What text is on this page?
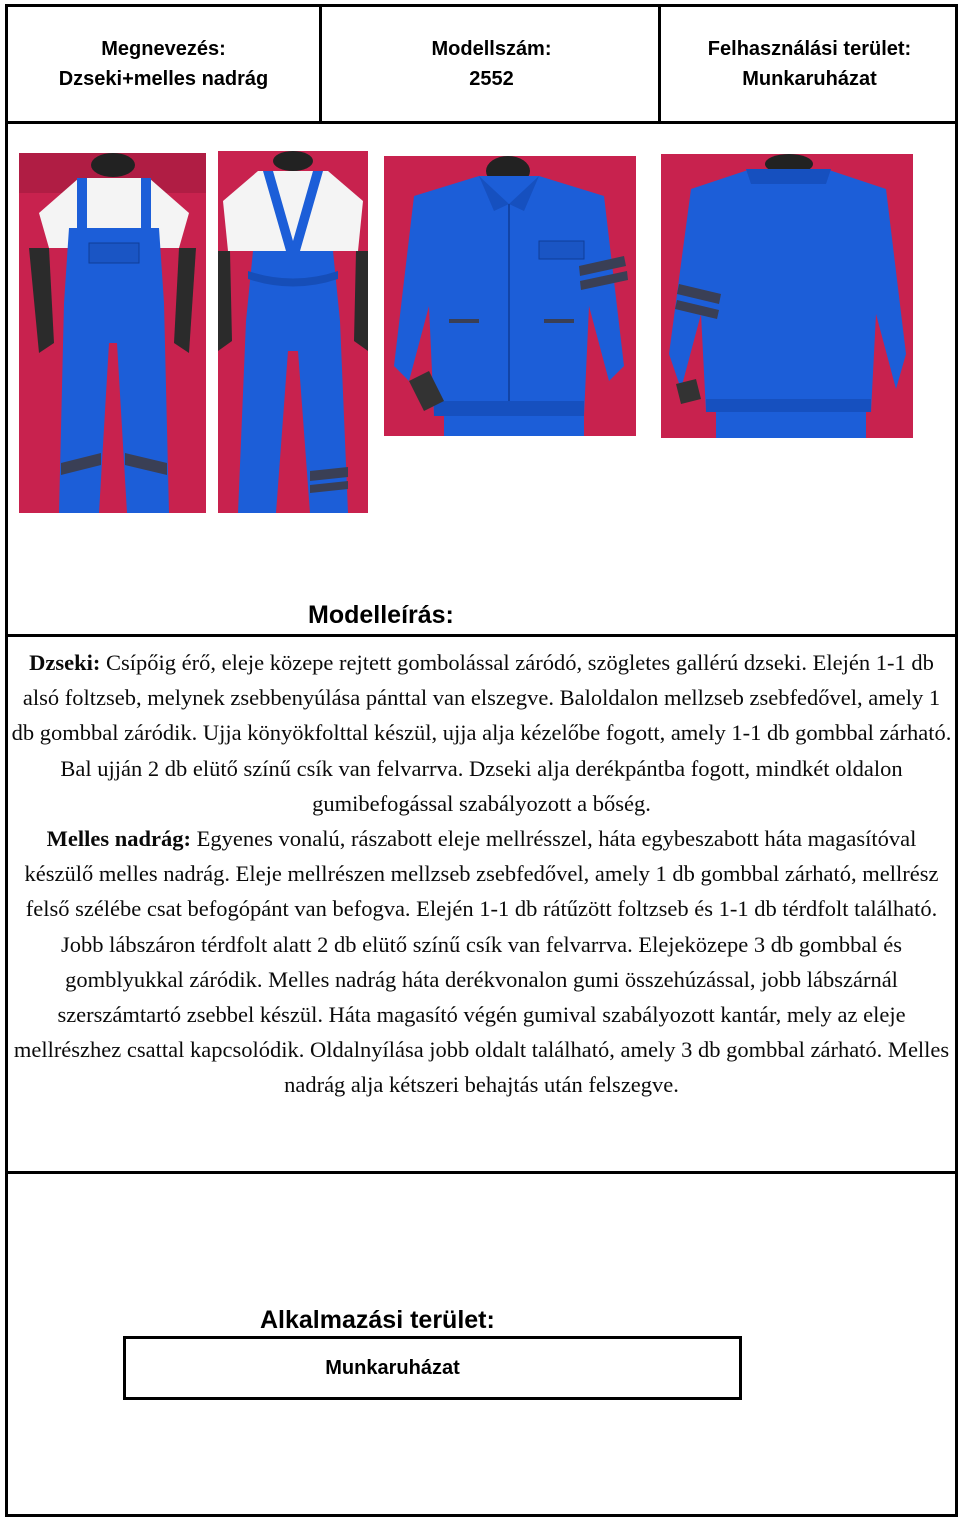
Megnevezés:
Dzseki+melles nadrág
Modellszám:
2552
Felhasználási terület:
Munkaruházat
Modelleírás:
Dzseki: Csípőig érő, eleje közepe rejtett gombolással záródó, szögletes gallérú dzseki. Elején 1-1 db alsó foltzseb, melynek zsebbenyúlása pánttal van elszegve. Baloldalon mellzseb zsebfedővel, amely 1 db gombbal záródik. Ujja könyökfolttal készül, ujja alja kézelőbe fogott, amely 1-1 db gombbal zárható. Bal ujján 2 db elütő színű csík van felvarrva. Dzseki alja derékpántba fogott, mindkét oldalon gumibefogással szabályozott a bőség.
Melles nadrág: Egyenes vonalú, rászabott eleje mellrésszel, háta egybeszabott háta magasítóval készülő melles nadrág. Eleje mellrészen mellzseb zsebfedővel, amely 1 db gombbal zárható, mellrész felső szélébe csat befogópánt van befogva. Elején 1-1 db rátűzött foltzseb és 1-1 db térdfolt található. Jobb lábszáron térdfolt alatt 2 db elütő színű csík van felvarrva. Elejeközepe 3 db gombbal és gomblyukkal záródik. Melles nadrág háta derékvonalon gumi összehúzással, jobb lábszárnál szerszámtartó zsebbel készül. Háta magasító végén gumival szabályozott kantár, mely az eleje mellrészhez csattal kapcsolódik. Oldalnyílása jobb oldalt található, amely 3 db gombbal zárható. Melles nadrág alja kétszeri behajtás után felszegve.
Alkalmazási terület:
Munkaruházat
